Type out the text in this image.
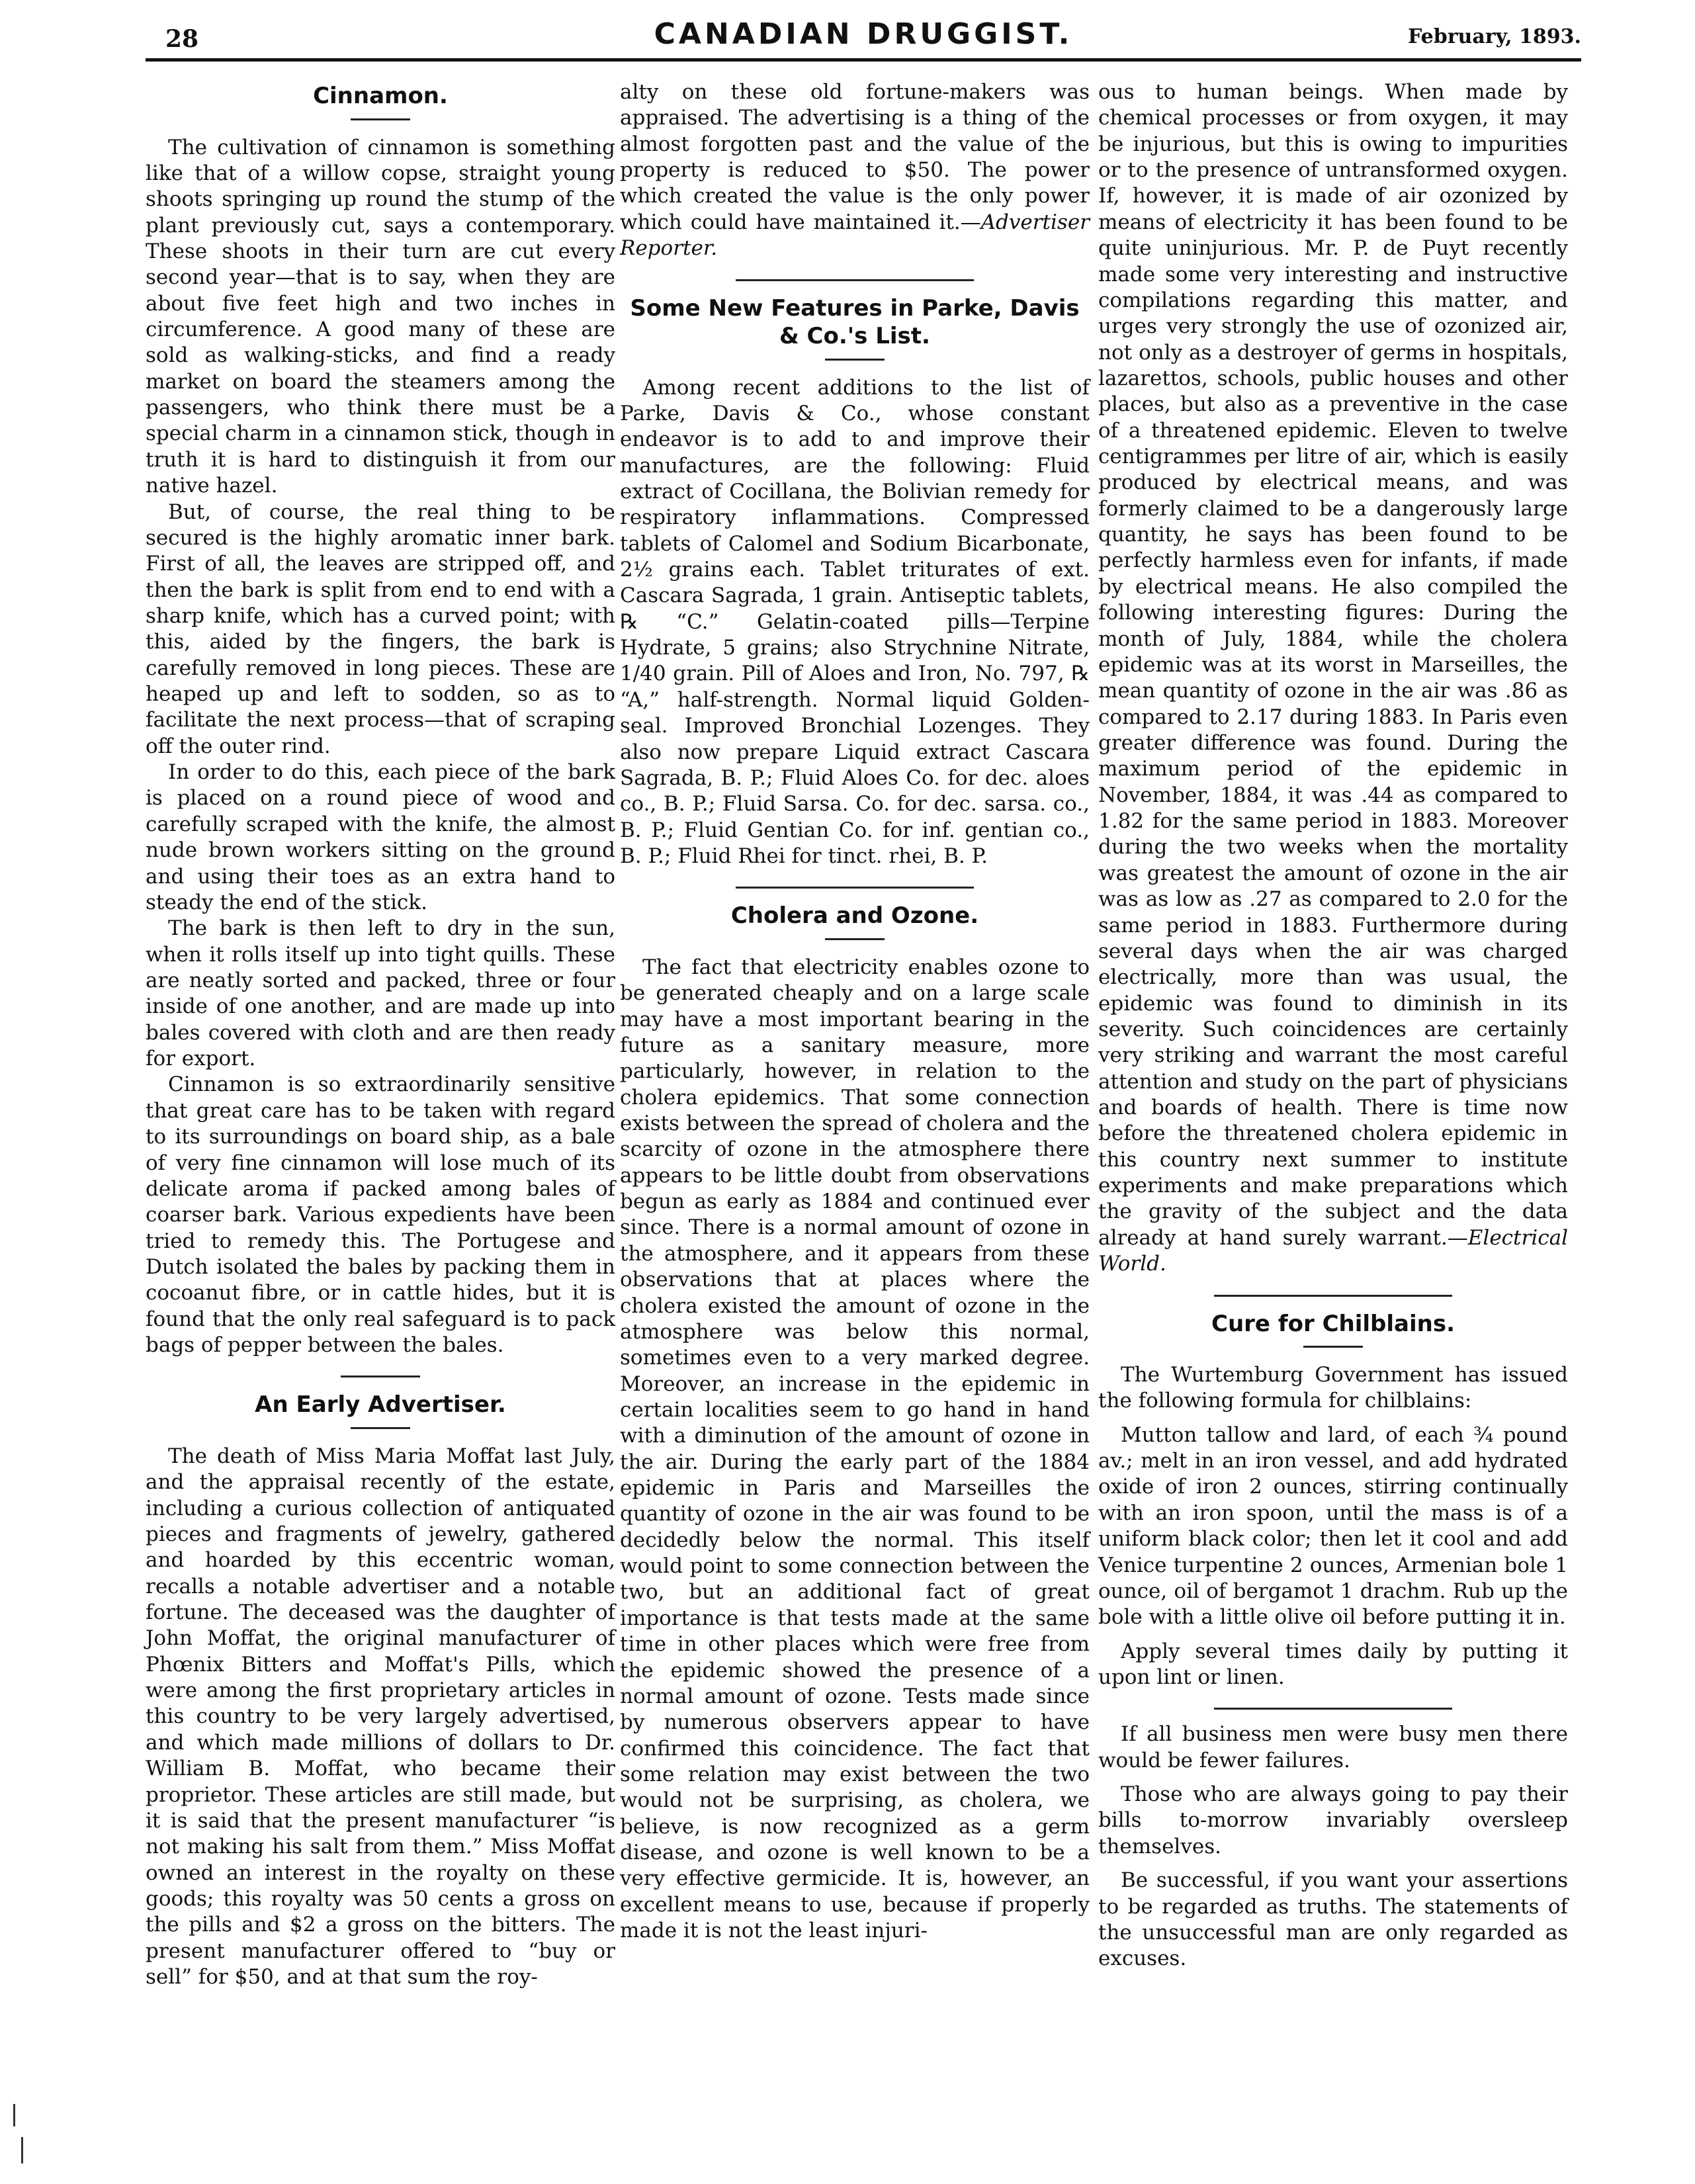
28	CANADIAN DRUGGIST.	February, 1893.
Cinnamon.

The cultivation of cinnamon is something like that of a willow copse, straight young shoots springing up round the stump of the plant previously cut, says a contemporary. These shoots in their turn are cut every second year—that is to say, when they are about five feet high and two inches in circumference. A good many of these are sold as walking-sticks, and find a ready market on board the steamers among the passengers, who think there must be a special charm in a cinnamon stick, though in truth it is hard to distinguish it from our native hazel.

But, of course, the real thing to be secured is the highly aromatic inner bark. First of all, the leaves are stripped off, and then the bark is split from end to end with a sharp knife, which has a curved point; with this, aided by the fingers, the bark is carefully removed in long pieces. These are heaped up and left to sodden, so as to facilitate the next process—that of scraping off the outer rind.

In order to do this, each piece of the bark is placed on a round piece of wood and carefully scraped with the knife, the almost nude brown workers sitting on the ground and using their toes as an extra hand to steady the end of the stick.

The bark is then left to dry in the sun, when it rolls itself up into tight quills. These are neatly sorted and packed, three or four inside of one another, and are made up into bales covered with cloth and are then ready for export.

Cinnamon is so extraordinarily sensitive that great care has to be taken with regard to its surroundings on board ship, as a bale of very fine cinnamon will lose much of its delicate aroma if packed among bales of coarser bark. Various expedients have been tried to remedy this. The Portugese and Dutch isolated the bales by packing them in cocoanut fibre, or in cattle hides, but it is found that the only real safeguard is to pack bags of pepper between the bales.

An Early Advertiser.

The death of Miss Maria Moffat last July, and the appraisal recently of the estate, including a curious collection of antiquated pieces and fragments of jewelry, gathered and hoarded by this eccentric woman, recalls a notable advertiser and a notable fortune. The deceased was the daughter of John Moffat, the original manufacturer of Phœnix Bitters and Moffat's Pills, which were among the first proprietary articles in this country to be very largely advertised, and which made millions of dollars to Dr. William B. Moffat, who became their proprietor. These articles are still made, but it is said that the present manufacturer “is not making his salt from them.” Miss Moffat owned an interest in the royalty on these goods; this royalty was 50 cents a gross on the pills and $2 a gross on the bitters. The present manufacturer offered to “buy or sell” for $50, and at that sum the roy-

alty on these old fortune-makers was appraised. The advertising is a thing of the almost forgotten past and the value of the property is reduced to $50. The power which created the value is the only power which could have maintained it.—Advertiser Reporter.

Some New Features in Parke, Davis & Co.'s List.

Among recent additions to the list of Parke, Davis & Co., whose constant endeavor is to add to and improve their manufactures, are the following: Fluid extract of Cocillana, the Bolivian remedy for respiratory inflammations. Compressed tablets of Calomel and Sodium Bicarbonate, 2½ grains each. Tablet triturates of ext. Cascara Sagrada, 1 grain. Antiseptic tablets, ℞ “C.” Gelatin-coated pills—Terpine Hydrate, 5 grains; also Strychnine Nitrate, 1/40 grain. Pill of Aloes and Iron, No. 797, ℞ “A,” half-strength. Normal liquid Golden-seal. Improved Bronchial Lozenges. They also now prepare Liquid extract Cascara Sagrada, B. P.; Fluid Aloes Co. for dec. aloes co., B. P.; Fluid Sarsa. Co. for dec. sarsa. co., B. P.; Fluid Gentian Co. for inf. gentian co., B. P.; Fluid Rhei for tinct. rhei, B. P.

Cholera and Ozone.

The fact that electricity enables ozone to be generated cheaply and on a large scale may have a most important bearing in the future as a sanitary measure, more particularly, however, in relation to the cholera epidemics. That some connection exists between the spread of cholera and the scarcity of ozone in the atmosphere there appears to be little doubt from observations begun as early as 1884 and continued ever since. There is a normal amount of ozone in the atmosphere, and it appears from these observations that at places where the cholera existed the amount of ozone in the atmosphere was below this normal, sometimes even to a very marked degree. Moreover, an increase in the epidemic in certain localities seem to go hand in hand with a diminution of the amount of ozone in the air. During the early part of the 1884 epidemic in Paris and Marseilles the quantity of ozone in the air was found to be decidedly below the normal. This itself would point to some connection between the two, but an additional fact of great importance is that tests made at the same time in other places which were free from the epidemic showed the presence of a normal amount of ozone. Tests made since by numerous observers appear to have confirmed this coincidence. The fact that some relation may exist between the two would not be surprising, as cholera, we believe, is now recognized as a germ disease, and ozone is well known to be a very effective germicide. It is, however, an excellent means to use, because if properly made it is not the least injuri-

ous to human beings. When made by chemical processes or from oxygen, it may be injurious, but this is owing to impurities or to the presence of untransformed oxygen. If, however, it is made of air ozonized by means of electricity it has been found to be quite uninjurious. Mr. P. de Puyt recently made some very interesting and instructive compilations regarding this matter, and urges very strongly the use of ozonized air, not only as a destroyer of germs in hospitals, lazarettos, schools, public houses and other places, but also as a preventive in the case of a threatened epidemic. Eleven to twelve centigrammes per litre of air, which is easily produced by electrical means, and was formerly claimed to be a dangerously large quantity, he says has been found to be perfectly harmless even for infants, if made by electrical means. He also compiled the following interesting figures: During the month of July, 1884, while the cholera epidemic was at its worst in Marseilles, the mean quantity of ozone in the air was .86 as compared to 2.17 during 1883. In Paris even greater difference was found. During the maximum period of the epidemic in November, 1884, it was .44 as compared to 1.82 for the same period in 1883. Moreover during the two weeks when the mortality was greatest the amount of ozone in the air was as low as .27 as compared to 2.0 for the same period in 1883. Furthermore during several days when the air was charged electrically, more than was usual, the epidemic was found to diminish in its severity. Such coincidences are certainly very striking and warrant the most careful attention and study on the part of physicians and boards of health. There is time now before the threatened cholera epidemic in this country next summer to institute experiments and make preparations which the gravity of the subject and the data already at hand surely warrant.—Electrical World.

Cure for Chilblains.

The Wurtemburg Government has issued the following formula for chilblains:

Mutton tallow and lard, of each ¾ pound av.; melt in an iron vessel, and add hydrated oxide of iron 2 ounces, stirring continually with an iron spoon, until the mass is of a uniform black color; then let it cool and add Venice turpentine 2 ounces, Armenian bole 1 ounce, oil of bergamot 1 drachm. Rub up the bole with a little olive oil before putting it in.

Apply several times daily by putting it upon lint or linen.

If all business men were busy men there would be fewer failures.

Those who are always going to pay their bills to-morrow invariably oversleep themselves.

Be successful, if you want your assertions to be regarded as truths. The statements of the unsuccessful man are only regarded as excuses.
